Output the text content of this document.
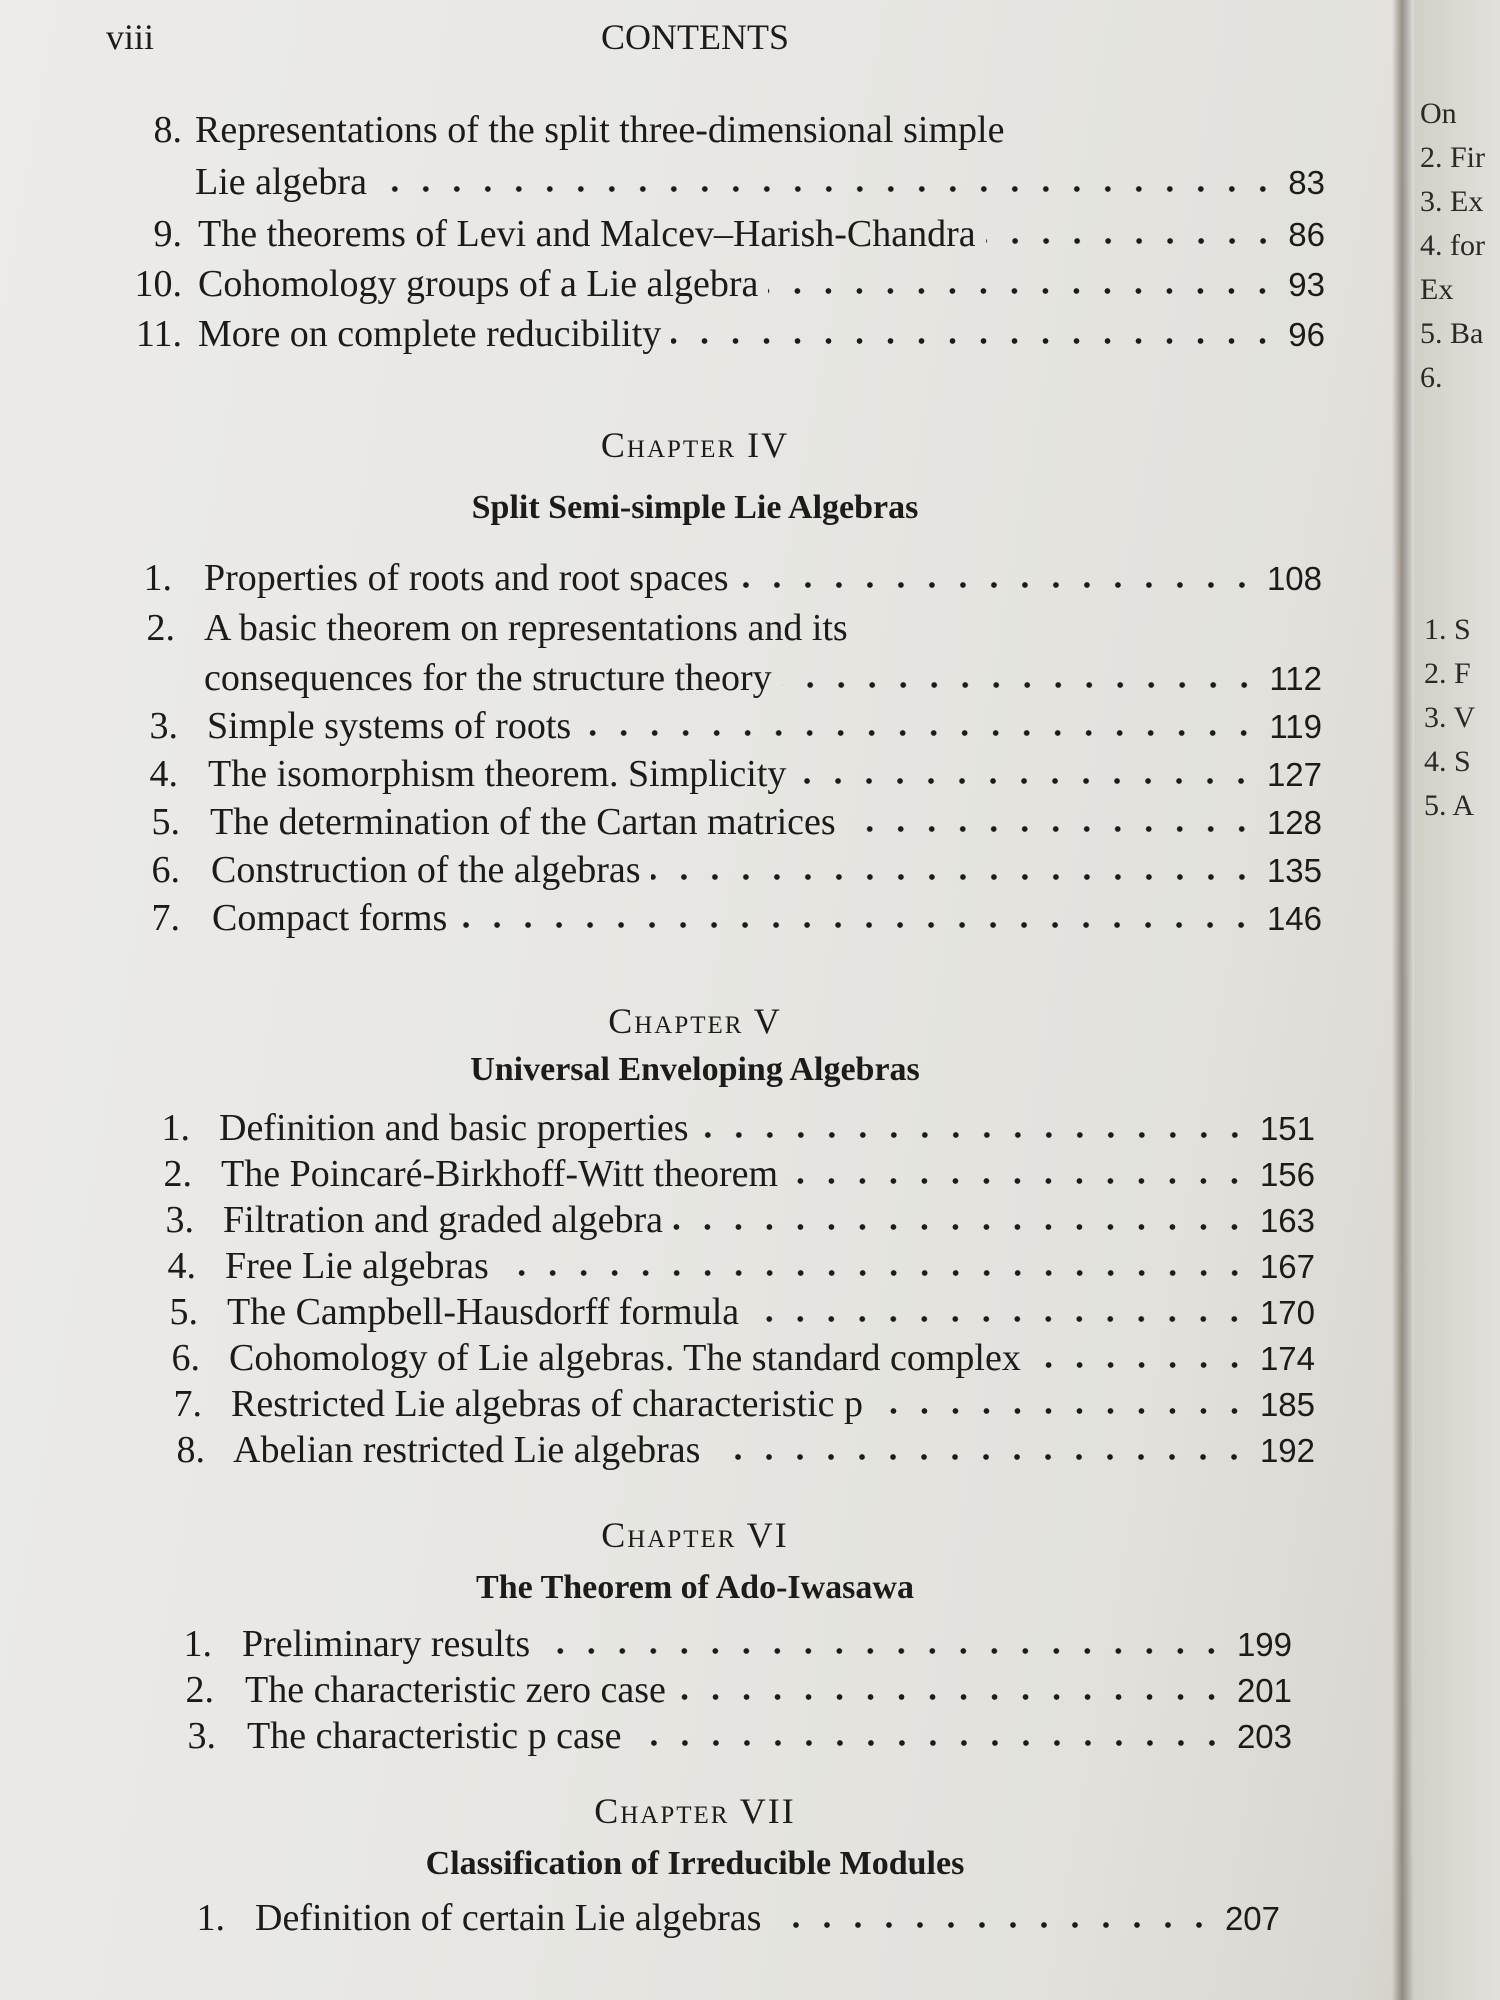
viii	CONTENTS
8. Representations of the split three-dimensional simple
Lie algebra	83
9. The theorems of Levi and Malcev–Harish-Chandra	86
10. Cohomology groups of a Lie algebra	93
11. More on complete reducibility	96
Chapter IV
Split Semi-simple Lie Algebras
1. Properties of roots and root spaces	108
2. A basic theorem on representations and its
consequences for the structure theory	112
3. Simple systems of roots	119
4. The isomorphism theorem. Simplicity	127
5. The determination of the Cartan matrices	128
6. Construction of the algebras	135
7. Compact forms	146
Chapter V
Universal Enveloping Algebras
1. Definition and basic properties	151
2. The Poincaré-Birkhoff-Witt theorem	156
3. Filtration and graded algebra	163
4. Free Lie algebras	167
5. The Campbell-Hausdorff formula	170
6. Cohomology of Lie algebras. The standard complex	174
7. Restricted Lie algebras of characteristic p	185
8. Abelian restricted Lie algebras	192
Chapter VI
The Theorem of Ado-Iwasawa
1. Preliminary results	199
2. The characteristic zero case	201
3. The characteristic p case	203
Chapter VII
Classification of Irreducible Modules
1. Definition of certain Lie algebras	207
On
2. Fir
3. Ex
4. for
Ex
5. Ba
6.
1. S
2. F
3. V
4. S
5. A
